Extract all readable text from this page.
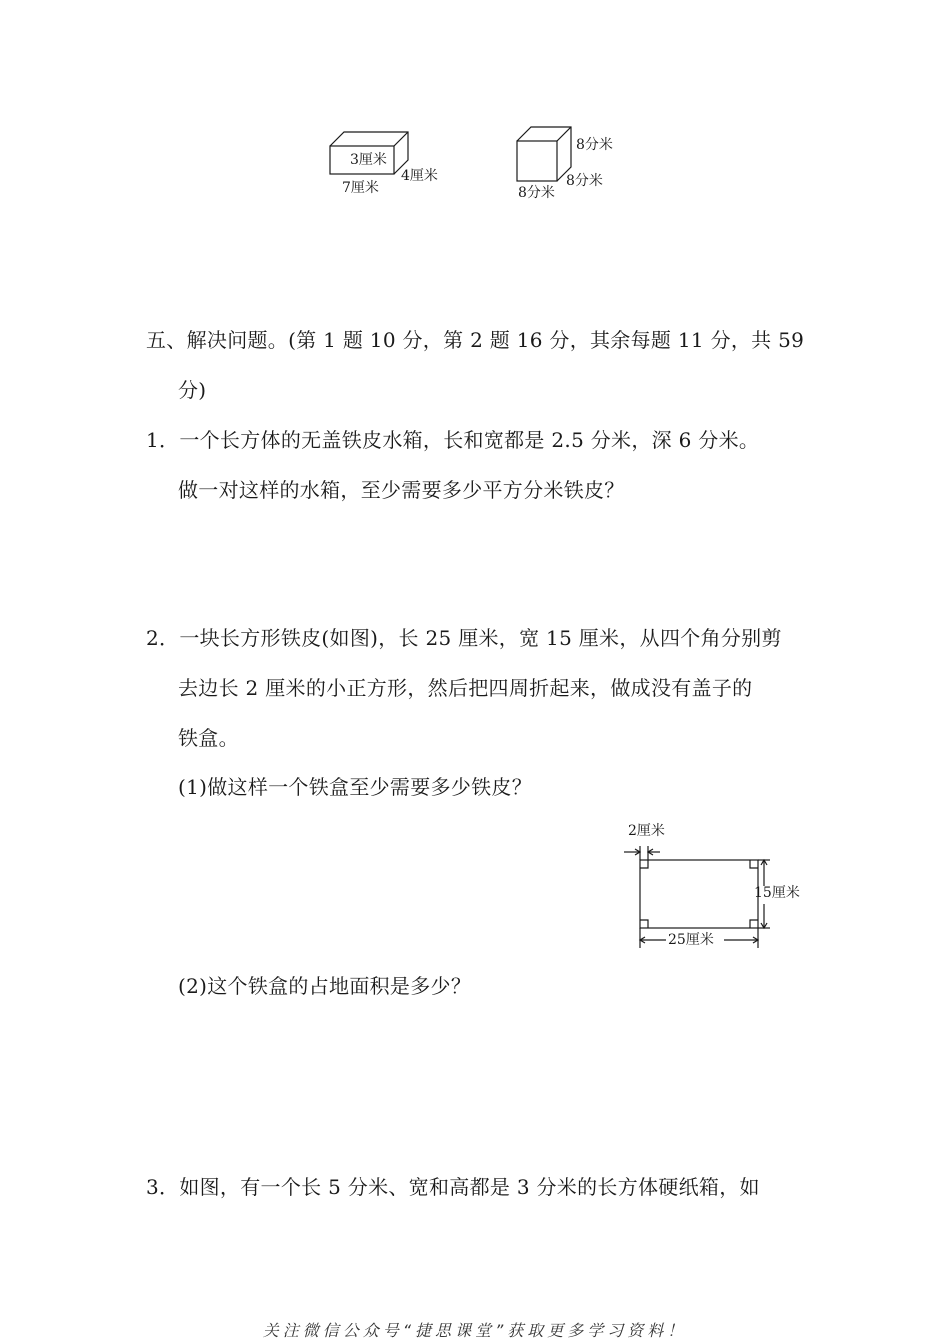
3厘米
4厘米
7厘米
8分米
8分米
8分米
五、解决问题。(第 1 题 10 分，第 2 题 16 分，其余每题 11 分，共 59
分)
1．一个长方体的无盖铁皮水箱，长和宽都是 2.5 分米，深 6 分米。
做一对这样的水箱，至少需要多少平方分米铁皮？
2．一块长方形铁皮(如图)，长 25 厘米，宽 15 厘米，从四个角分别剪
去边长 2 厘米的小正方形，然后把四周折起来，做成没有盖子的
铁盒。
(1)做这样一个铁盒至少需要多少铁皮？
2厘米
15厘米
25厘米
(2)这个铁盒的占地面积是多少？
3．如图，有一个长 5 分米、宽和高都是 3 分米的长方体硬纸箱，如
关注微信公众号“捷思课堂”获取更多学习资料！
